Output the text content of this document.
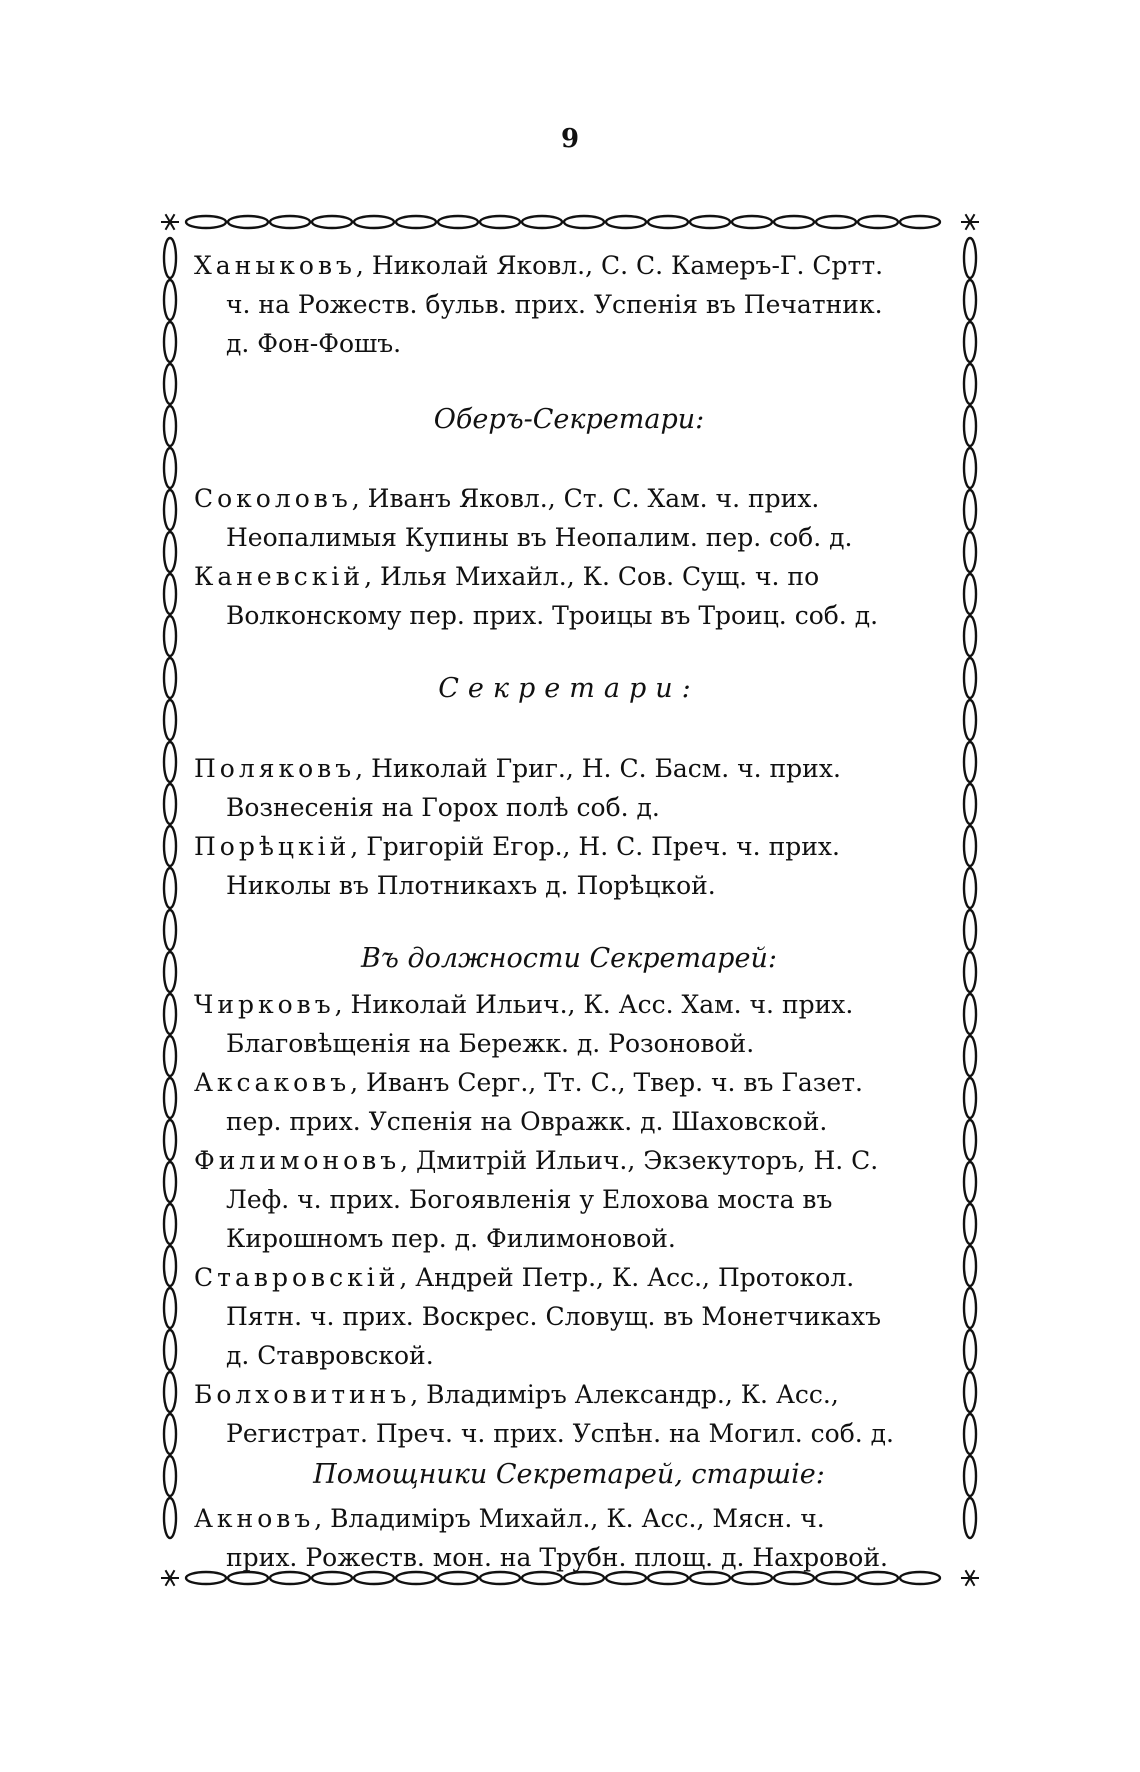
9
Ханыковъ, Николай Яковл., С. С. Камеръ-Г. Сртт.
ч. на Рожеств. бульв. прих. Успенія въ Печатник.
д. Фон-Фошъ.

Оберъ-Секретари:

Соколовъ, Иванъ Яковл., Ст. С. Хам. ч. прих.
Неопалимыя Купины въ Неопалим. пер. соб. д.
Каневскій, Илья Михайл., К. Сов. Сущ. ч. по
Волконскому пер. прих. Троицы въ Троиц. соб. д.

Секретари:

Поляковъ, Николай Григ., Н. С. Басм. ч. прих.
Вознесенія на Горох полѣ соб. д.
Порѣцкій, Григорій Егор., Н. С. Преч. ч. прих.
Николы въ Плотникахъ д. Порѣцкой.

Въ должности Секретарей:

Чирковъ, Николай Ильич., К. Асс. Хам. ч. прих.
Благовѣщенія на Бережк. д. Розоновой.
Аксаковъ, Иванъ Серг., Тт. С., Твер. ч. въ Газет.
пер. прих. Успенія на Овражк. д. Шаховской.
Филимоновъ, Дмитрій Ильич., Экзекуторъ, Н. С.
Леф. ч. прих. Богоявленія у Елохова моста въ
Кирошномъ пер. д. Филимоновой.
Ставровскій, Андрей Петр., К. Асс., Протокол.
Пятн. ч. прих. Воскрес. Словущ. въ Монетчикахъ
д. Ставровской.
Болховитинъ, Владиміръ Александр., К. Асс.,
Регистрат. Преч. ч. прих. Успѣн. на Могил. соб. д.

Помощники Секретарей, старшіе:

Акновъ, Владиміръ Михайл., К. Асс., Мясн. ч.
прих. Рожеств. мон. на Трубн. площ. д. Нахровой.
